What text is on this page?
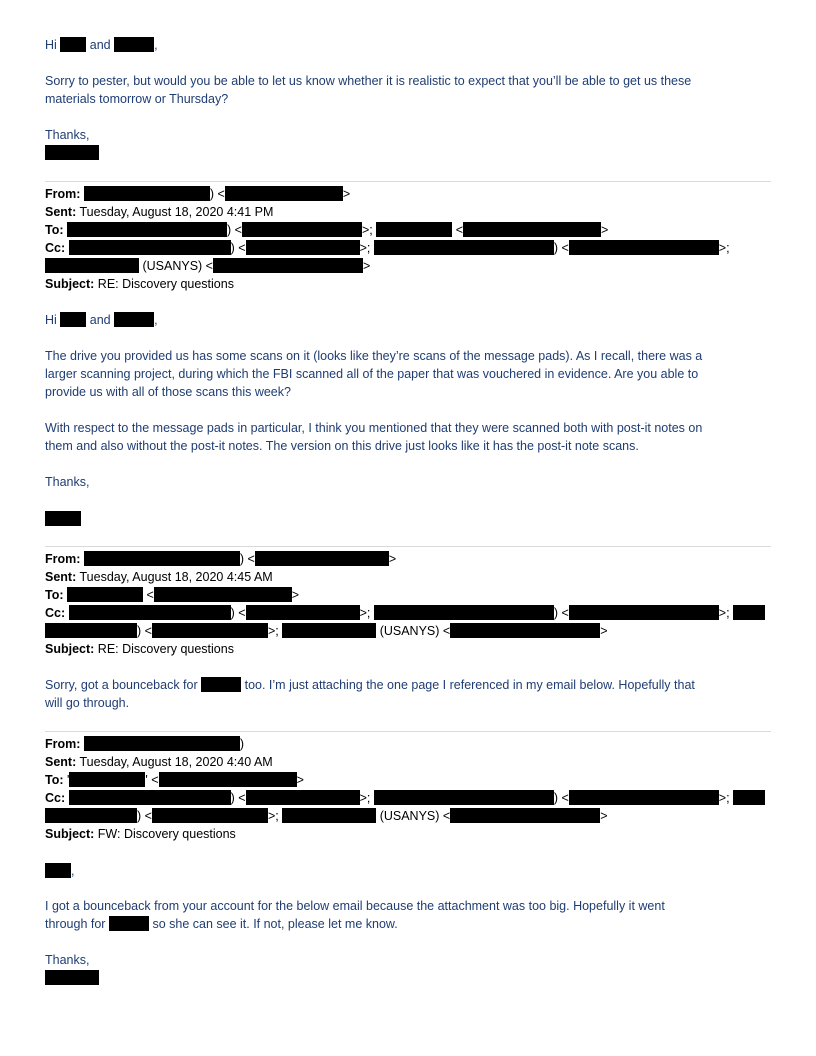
Hi	and	,
Sorry to pester, but would you be able to let us know whether it is realistic to expect that you’ll be able to get us these
materials tomorrow or Thursday?
Thanks,
From:	) <	>
Sent: Tuesday, August 18, 2020 4:41 PM
To:	) <	>;	<	>
Cc:	) <	>;	) <	>;
(USANYS) <	>
Subject: RE: Discovery questions
Hi	and	,
The drive you provided us has some scans on it (looks like they’re scans of the message pads). As I recall, there was a
larger scanning project, during which the FBI scanned all of the paper that was vouchered in evidence. Are you able to
provide us with all of those scans this week?
With respect to the message pads in particular, I think you mentioned that they were scanned both with post-it notes on
them and also without the post-it notes. The version on this drive just looks like it has the post-it note scans.
Thanks,
From:	) <	>
Sent: Tuesday, August 18, 2020 4:45 AM
To:	<	>
Cc:	) <	>;	) <	>;
) <	>;	(USANYS) <	>
Subject: RE: Discovery questions
Sorry, got a bounceback for	too. I’m just attaching the one page I referenced in my email below. Hopefully that
will go through.
From:	)
Sent: Tuesday, August 18, 2020 4:40 AM
To: '	' <	>
Cc:	) <	>;	) <	>;
) <	>;	(USANYS) <	>
Subject: FW: Discovery questions
,
I got a bounceback from your account for the below email because the attachment was too big. Hopefully it went
through for	so she can see it. If not, please let me know.
Thanks,
